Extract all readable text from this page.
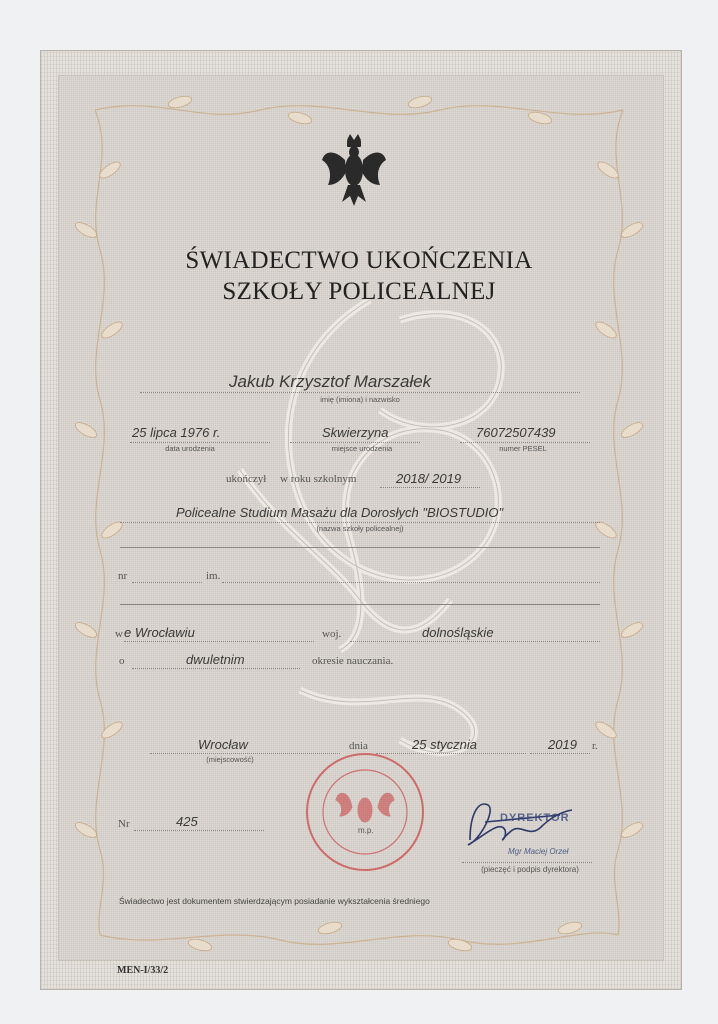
ŚWIADECTWO UKOŃCZENIA
SZKOŁY POLICEALNEJ
Jakub Krzysztof Marszałek
imię (imiona) i nazwisko
25 lipca 1976 r.
data urodzenia
Skwierzyna
miejsce urodzenia
76072507439
numer PESEL
ukończył w roku szkolnym	2018/ 2019
Policealne Studium Masażu dla Dorosłych "BIOSTUDIO"
(nazwa szkoły policealnej)
nr	im.
w e Wrocławiu	woj.	dolnośląskie
o	dwuletnim	okresie nauczania.
Wrocław
(miejscowość)
dnia	25 stycznia	2019 r.
Nr	425
m.p.
DYREKTOR
Mgr Maciej Orzeł
(pieczęć i podpis dyrektora)
Świadectwo jest dokumentem stwierdzającym posiadanie wykształcenia średniego
MEN-I/33/2
